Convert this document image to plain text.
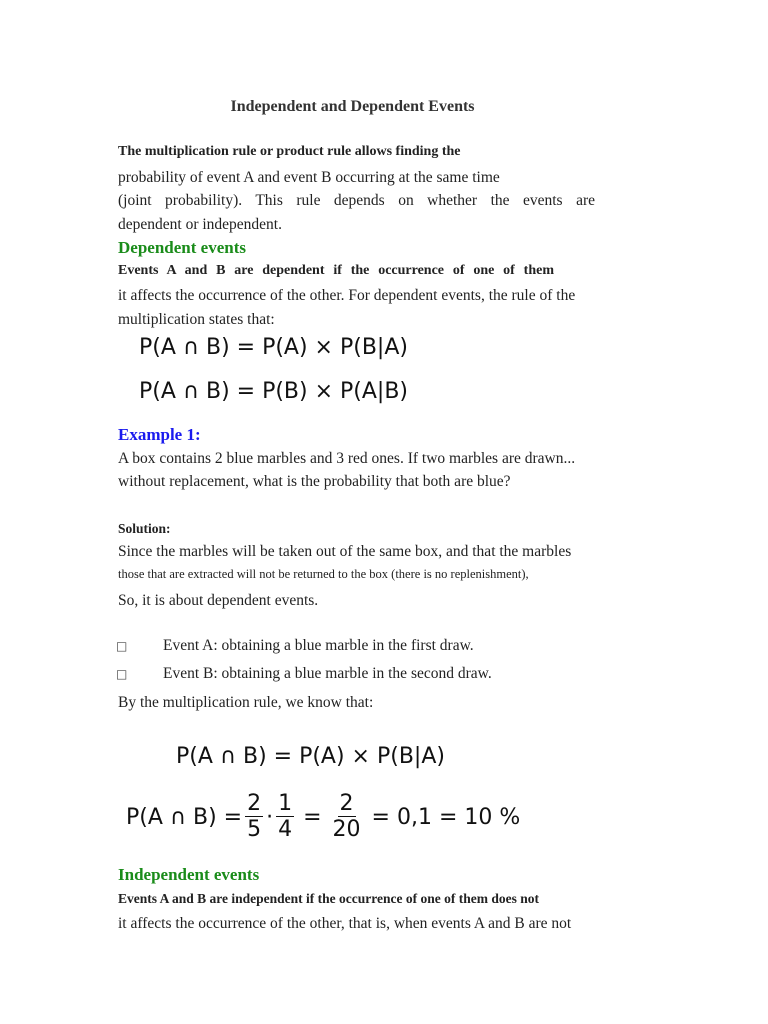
Independent and Dependent Events
The multiplication rule or product rule allows finding the
probability of event A and event B occurring at the same time
(joint probability). This rule depends on whether the events are
dependent or independent.
Dependent events
Events A and B are dependent if the occurrence of one of them
it affects the occurrence of the other. For dependent events, the rule of the
multiplication states that:
P(A ∩ B) = P(A) × P(B|A)
P(A ∩ B) = P(B) × P(A|B)
Example 1:
A box contains 2 blue marbles and 3 red ones. If two marbles are drawn...
without replacement, what is the probability that both are blue?
Solution:
Since the marbles will be taken out of the same box, and that the marbles
those that are extracted will not be returned to the box (there is no replenishment),
So, it is about dependent events.
□ Event A: obtaining a blue marble in the first draw.
□ Event B: obtaining a blue marble in the second draw.
By the multiplication rule, we know that:
P(A ∩ B) = P(A) × P(B|A)
P(A ∩ $B) = \frac{2}{5} \cdot \frac{1}{4} = \frac{2}{20} = 0,1 = 10$ %
Independent events
Events A and B are independent if the occurrence of one of them does not
it affects the occurrence of the other, that is, when events A and B are not
